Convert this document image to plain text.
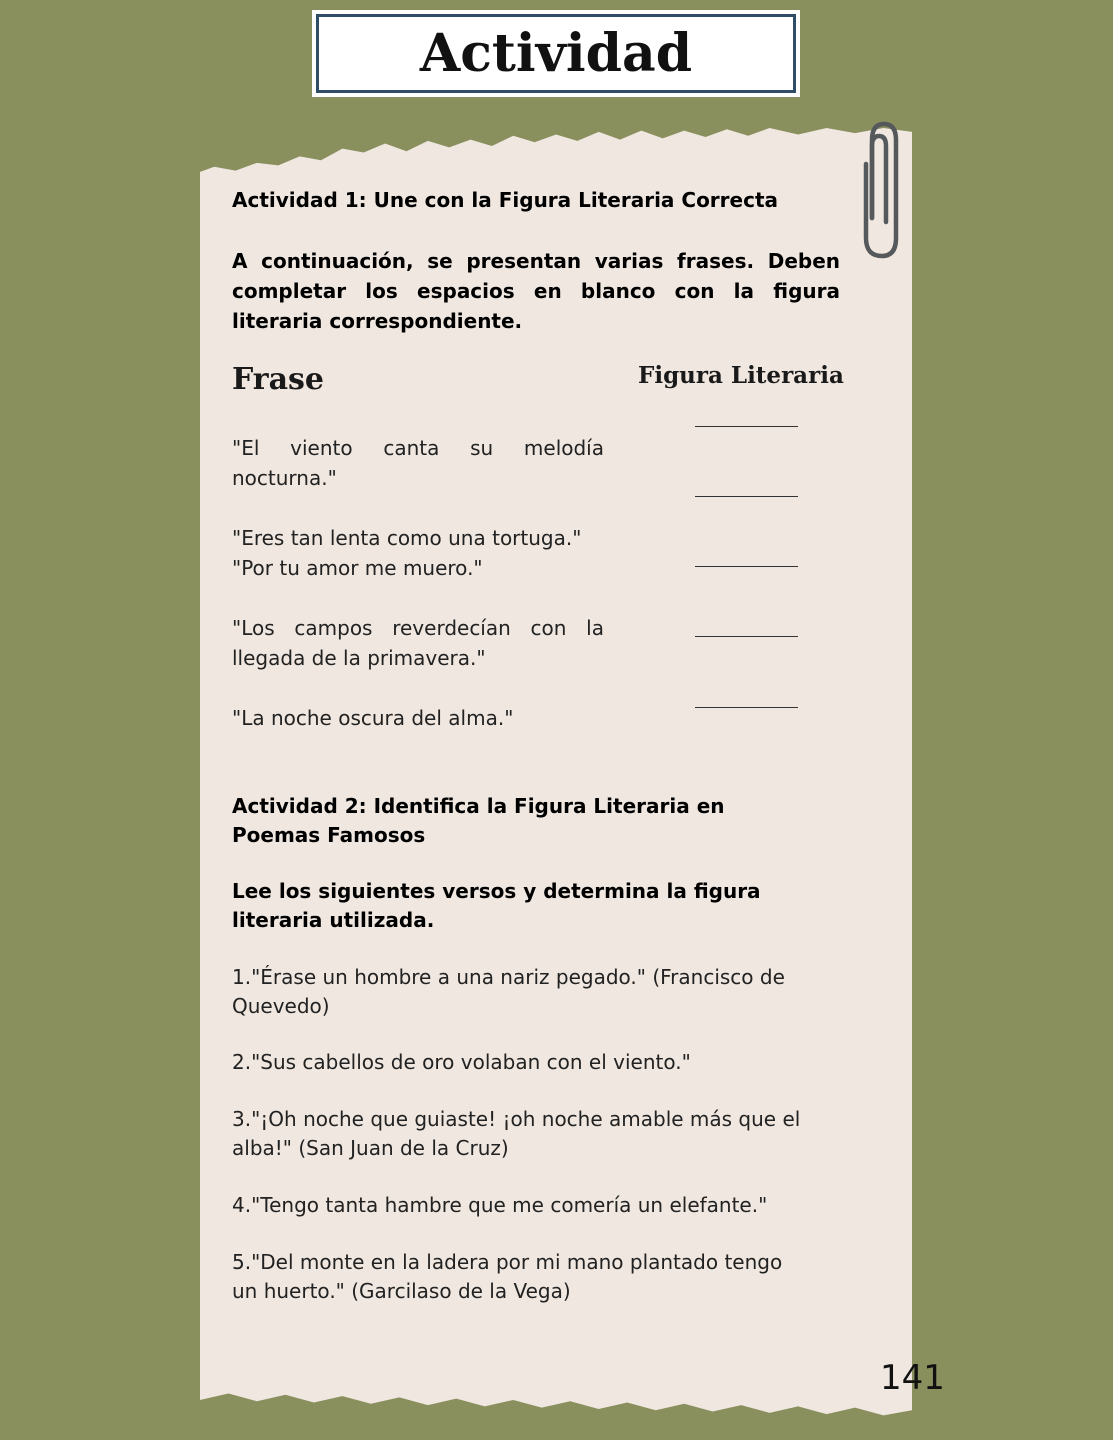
Actividad

Actividad 1: Une con la Figura Literaria Correcta

A continuación, se presentan varias frases. Deben completar los espacios en blanco con la figura literaria correspondiente.

Frase	Figura Literaria

"El viento canta su melodía nocturna."

"Eres tan lenta como una tortuga."

"Por tu amor me muero."

"Los campos reverdecían con la llegada de la primavera."

"La noche oscura del alma."

Actividad 2: Identifica la Figura Literaria en Poemas Famosos

Lee los siguientes versos y determina la figura literaria utilizada.

1."Érase un hombre a una nariz pegado." (Francisco de Quevedo)

2."Sus cabellos de oro volaban con el viento."

3."¡Oh noche que guiaste! ¡oh noche amable más que el alba!" (San Juan de la Cruz)

4."Tengo tanta hambre que me comería un elefante."

5."Del monte en la ladera por mi mano plantado tengo un huerto." (Garcilaso de la Vega)

141
